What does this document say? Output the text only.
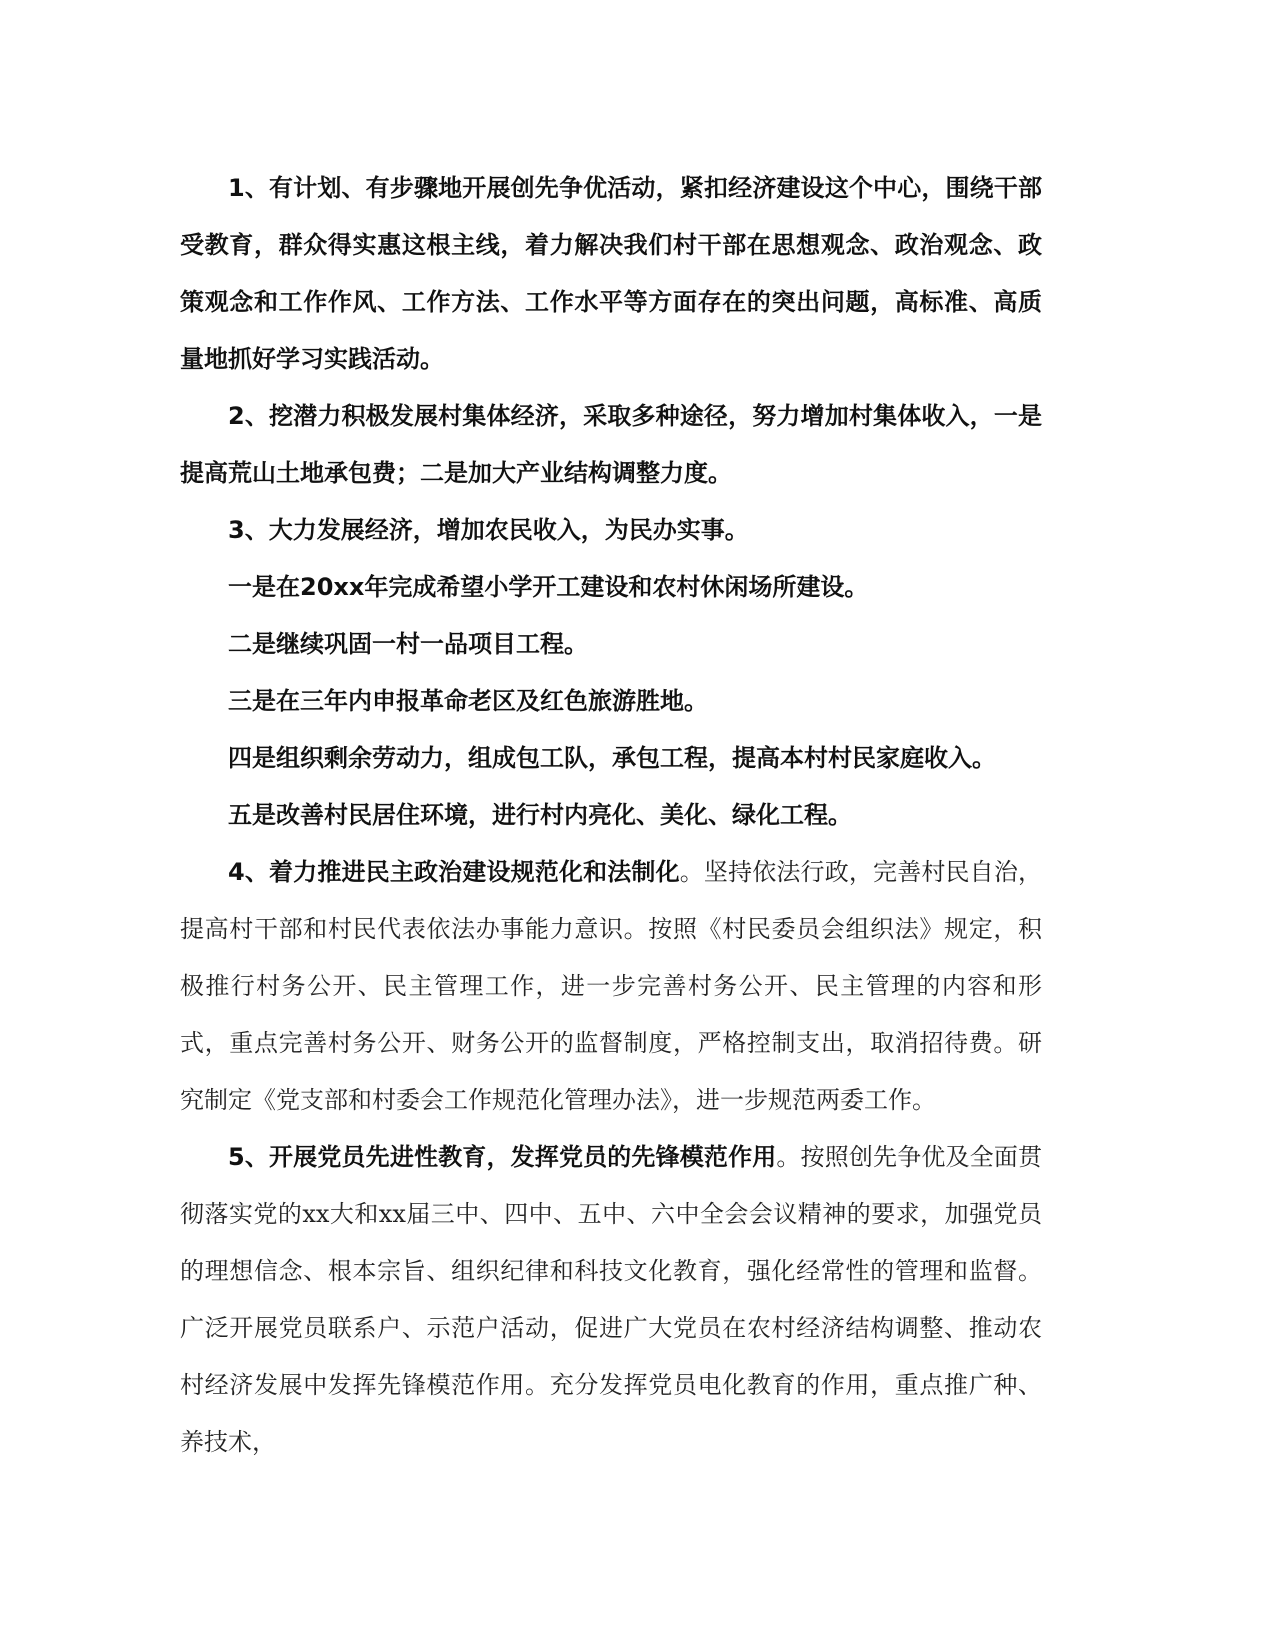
1、有计划、有步骤地开展创先争优活动，紧扣经济建设这个中心，围绕干部受教育，群众得实惠这根主线，着力解决我们村干部在思想观念、政治观念、政策观念和工作作风、工作方法、工作水平等方面存在的突出问题，高标准、高质量地抓好学习实践活动。

2、挖潜力积极发展村集体经济，采取多种途径，努力增加村集体收入，一是提高荒山土地承包费；二是加大产业结构调整力度。

3、大力发展经济，增加农民收入，为民办实事。

一是在20xx年完成希望小学开工建设和农村休闲场所建设。

二是继续巩固一村一品项目工程。

三是在三年内申报革命老区及红色旅游胜地。

四是组织剩余劳动力，组成包工队，承包工程，提高本村村民家庭收入。

五是改善村民居住环境，进行村内亮化、美化、绿化工程。

4、着力推进民主政治建设规范化和法制化。坚持依法行政，完善村民自治，提高村干部和村民代表依法办事能力意识。按照《村民委员会组织法》规定，积极推行村务公开、民主管理工作，进一步完善村务公开、民主管理的内容和形式，重点完善村务公开、财务公开的监督制度，严格控制支出，取消招待费。研究制定《党支部和村委会工作规范化管理办法》，进一步规范两委工作。

5、开展党员先进性教育，发挥党员的先锋模范作用。按照创先争优及全面贯彻落实党的xx大和xx届三中、四中、五中、六中全会会议精神的要求，加强党员的理想信念、根本宗旨、组织纪律和科技文化教育，强化经常性的管理和监督。广泛开展党员联系户、示范户活动，促进广大党员在农村经济结构调整、推动农村经济发展中发挥先锋模范作用。充分发挥党员电化教育的作用，重点推广种、养技术，
